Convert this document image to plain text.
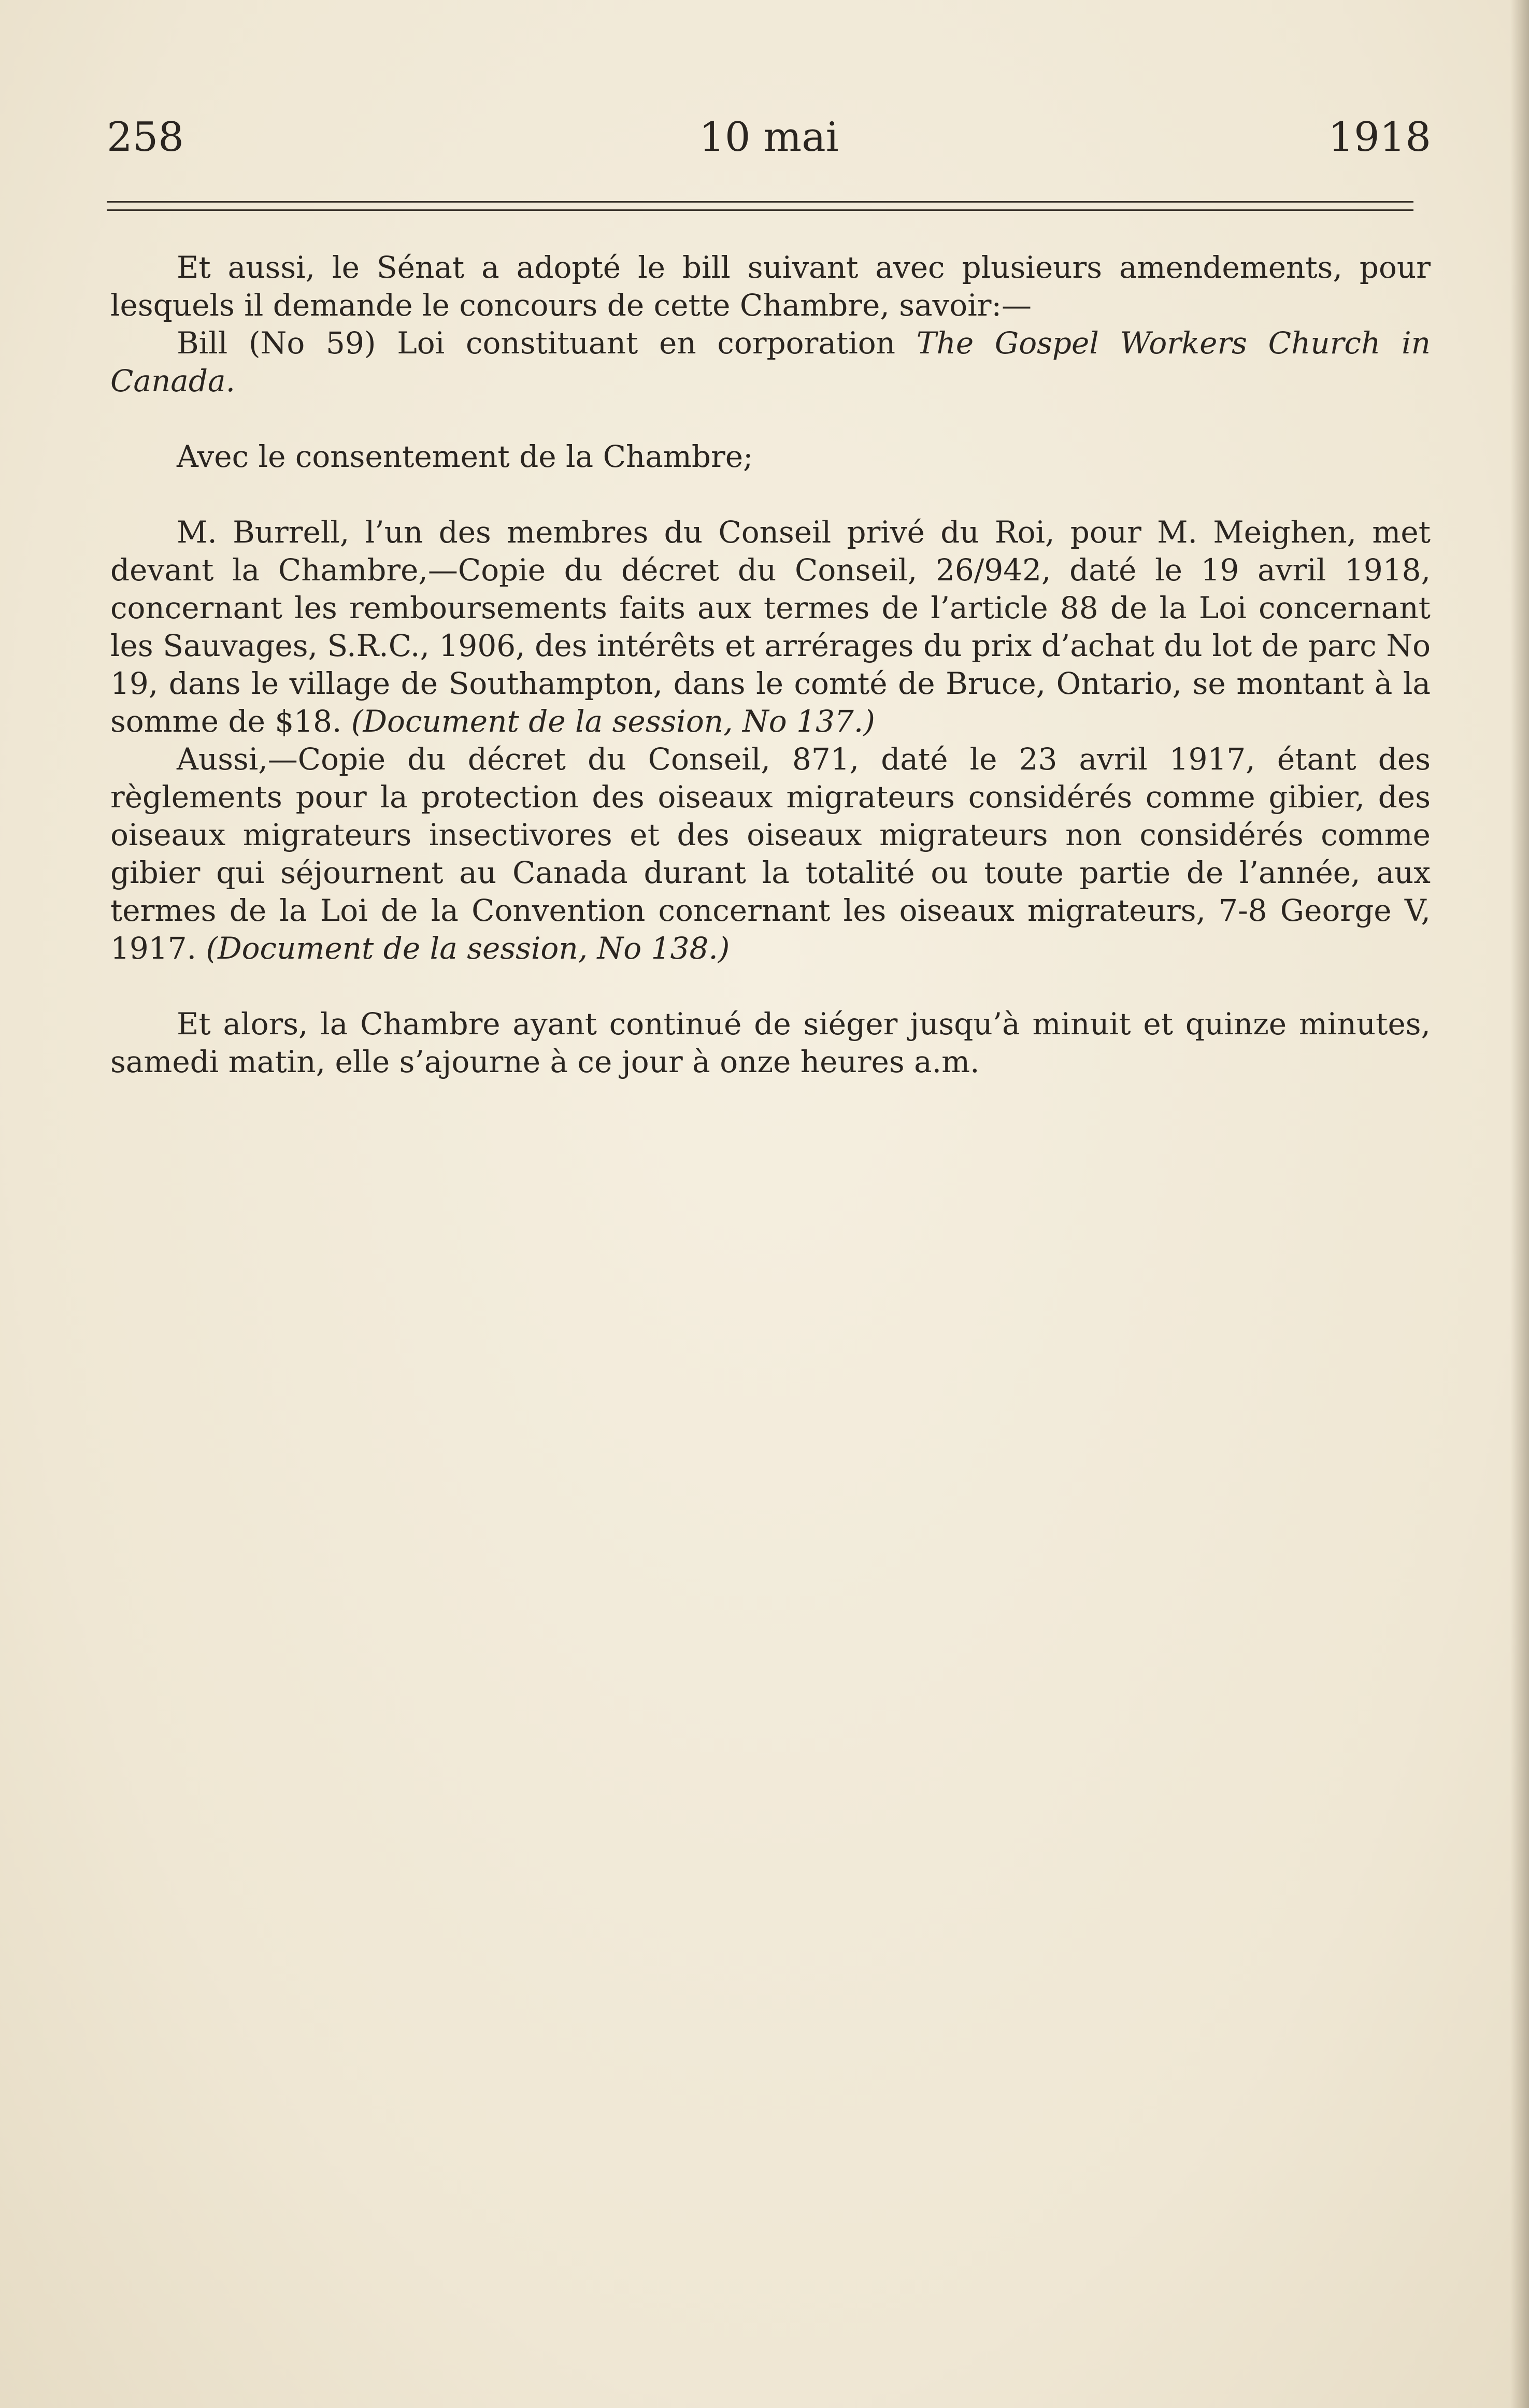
258	10 mai	1918

Et aussi, le Sénat a adopté le bill suivant avec plusieurs amendements, pour lesquels il demande le concours de cette Chambre, savoir:—

Bill (No 59) Loi constituant en corporation The Gospel Workers Church in Canada.

Avec le consentement de la Chambre;

M. Burrell, l’un des membres du Conseil privé du Roi, pour M. Meighen, met devant la Chambre,—Copie du décret du Conseil, 26/942, daté le 19 avril 1918, concernant les remboursements faits aux termes de l’article 88 de la Loi concernant les Sauvages, S.R.C., 1906, des intérêts et arrérages du prix d’achat du lot de parc No 19, dans le village de Southampton, dans le comté de Bruce, Ontario, se montant à la somme de $18. (Document de la session, No 137.)

Aussi,—Copie du décret du Conseil, 871, daté le 23 avril 1917, étant des règlements pour la protection des oiseaux migrateurs considérés comme gibier, des oiseaux migrateurs insectivores et des oiseaux migrateurs non considérés comme gibier qui séjournent au Canada durant la totalité ou toute partie de l’année, aux termes de la Loi de la Convention concernant les oiseaux migrateurs, 7-8 George V, 1917. (Document de la session, No 138.)

Et alors, la Chambre ayant continué de siéger jusqu’à minuit et quinze minutes, samedi matin, elle s’ajourne à ce jour à onze heures a.m.
